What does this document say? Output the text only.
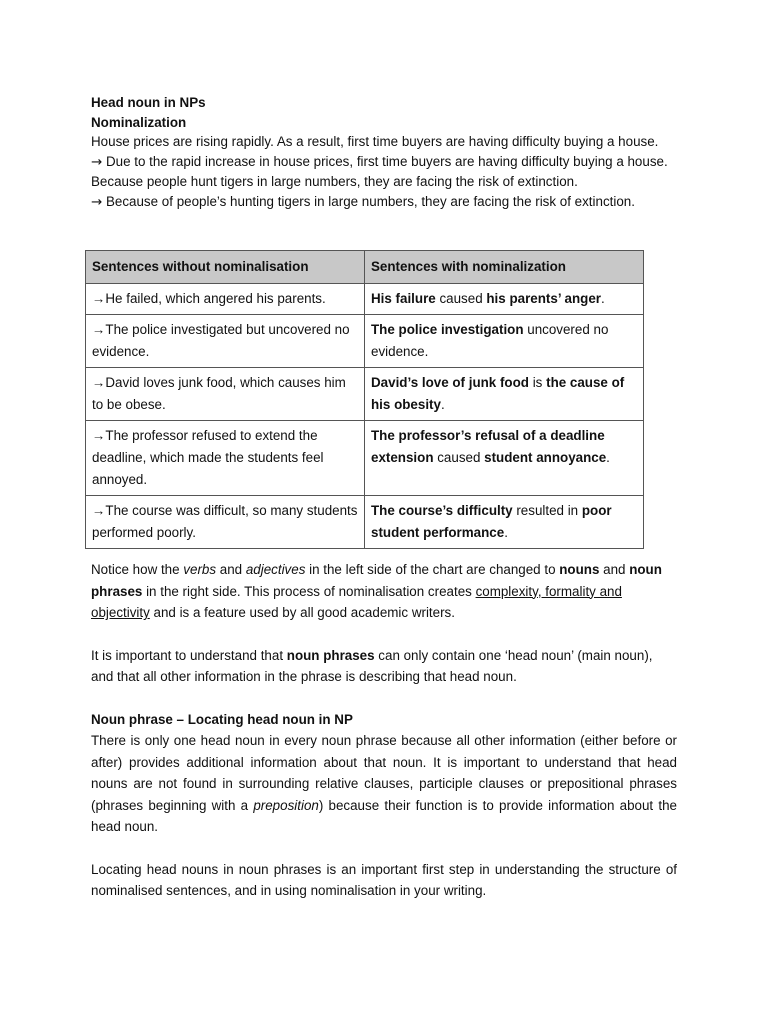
Head noun in NPs

Nominalization

House prices are rising rapidly. As a result, first time buyers are having difficulty buying a house.

→ Due to the rapid increase in house prices, first time buyers are having difficulty buying a house.

Because people hunt tigers in large numbers, they are facing the risk of extinction.

→ Because of people’s hunting tigers in large numbers, they are facing the risk of extinction.

Sentences without nominalisation	Sentences with nominalization
→He failed, which angered his parents.	His failure caused his parents’ anger.
→The police investigated but uncovered no evidence.	The police investigation uncovered no evidence.
→David loves junk food, which causes him to be obese.	David’s love of junk food is the cause of his obesity.
→The professor refused to extend the deadline, which made the students feel annoyed.	The professor’s refusal of a deadline extension caused student annoyance.
→The course was difficult, so many students performed poorly.	The course’s difficulty resulted in poor student performance.

Notice how the verbs and adjectives in the left side of the chart are changed to nouns and noun phrases in the right side. This process of nominalisation creates complexity, formality and objectivity and is a feature used by all good academic writers.

It is important to understand that noun phrases can only contain one ‘head noun’ (main noun), and that all other information in the phrase is describing that head noun.

Noun phrase – Locating head noun in NP

There is only one head noun in every noun phrase because all other information (either before or after) provides additional information about that noun. It is important to understand that head nouns are not found in surrounding relative clauses, participle clauses or prepositional phrases (phrases beginning with a preposition) because their function is to provide information about the head noun.

Locating head nouns in noun phrases is an important first step in understanding the structure of nominalised sentences, and in using nominalisation in your writing.
